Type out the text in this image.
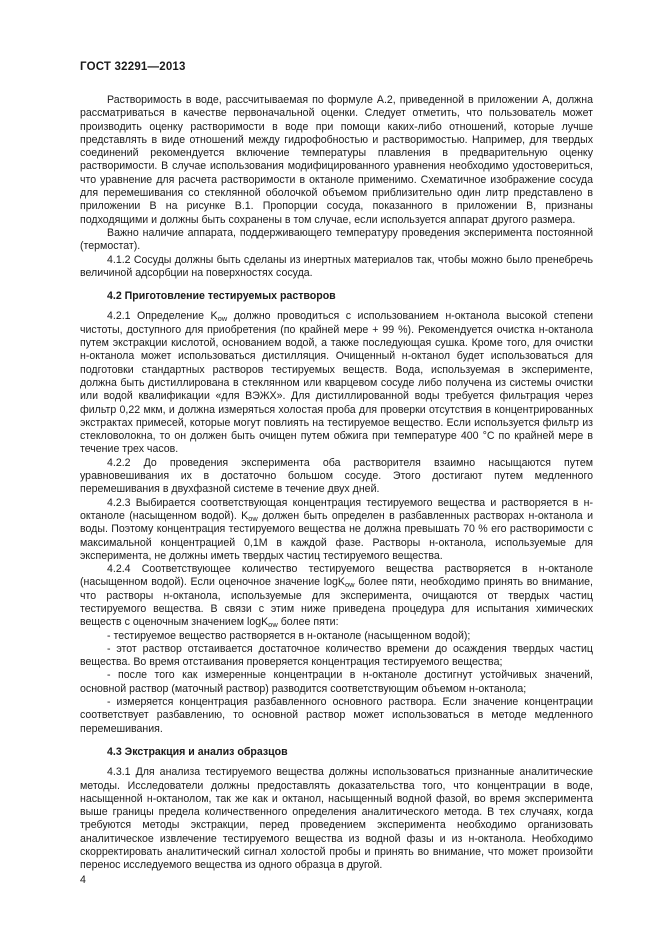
ГОСТ 32291—2013

Растворимость в воде, рассчитываемая по формуле А.2, приведенной в приложении А, должна рассматриваться в качестве первоначальной оценки. Следует отметить, что пользователь может производить оценку растворимости в воде при помощи каких-либо отношений, которые лучше представлять в виде отношений между гидрофобностью и растворимостью. Например, для твердых соединений рекомендуется включение температуры плавления в предварительную оценку растворимости. В случае использования модифицированного уравнения необходимо удостовериться, что уравнение для расчета растворимости в октаноле применимо. Схематичное изображение сосуда для перемешивания со стеклянной оболочкой объемом приблизительно один литр представлено в приложении В на рисунке В.1. Пропорции сосуда, показанного в приложении В, признаны подходящими и должны быть сохранены в том случае, если используется аппарат другого размера.

Важно наличие аппарата, поддерживающего температуру проведения эксперимента постоянной (термостат).

4.1.2 Сосуды должны быть сделаны из инертных материалов так, чтобы можно было пренебречь величиной адсорбции на поверхностях сосуда.

4.2 Приготовление тестируемых растворов

4.2.1 Определение $K_{ow}$ должно проводиться с использованием н-октанола высокой степени чистоты, доступного для приобретения (по крайней мере + 99 %). Рекомендуется очистка н-октанола путем экстракции кислотой, основанием водой, а также последующая сушка. Кроме того, для очистки н-октанола может использоваться дистилляция. Очищенный н-октанол будет использоваться для подготовки стандартных растворов тестируемых веществ. Вода, используемая в эксперименте, должна быть дистиллирована в стеклянном или кварцевом сосуде либо получена из системы очистки или водой квалификации «для ВЭЖХ». Для дистиллированной воды требуется фильтрация через фильтр 0,22 мкм, и должна измеряться холостая проба для проверки отсутствия в концентрированных экстрактах примесей, которые могут повлиять на тестируемое вещество. Если используется фильтр из стекловолокна, то он должен быть очищен путем обжига при температуре 400 °С по крайней мере в течение трех часов.

4.2.2 До проведения эксперимента оба растворителя взаимно насыщаются путем уравновешивания их в достаточно большом сосуде. Этого достигают путем медленного перемешивания в двухфазной системе в течение двух дней.

4.2.3 Выбирается соответствующая концентрация тестируемого вещества и растворяется в н-октаноле (насыщенном водой). $K_{ow}$ должен быть определен в разбавленных растворах н-октанола и воды. Поэтому концентрация тестируемого вещества не должна превышать 70 % его растворимости с максимальной концентрацией 0,1М в каждой фазе. Растворы н-октанола, используемые для эксперимента, не должны иметь твердых частиц тестируемого вещества.

4.2.4 Соответствующее количество тестируемого вещества растворяется в н-октаноле (насыщенном водой). Если оценочное значение logK$_{ow}$ более пяти, необходимо принять во внимание, что растворы н-октанола, используемые для эксперимента, очищаются от твердых частиц тестируемого вещества. В связи с этим ниже приведена процедура для испытания химических веществ с оценочным значением logK$_{ow}$ более пяти:

- тестируемое вещество растворяется в н-октаноле (насыщенном водой);

- этот раствор отстаивается достаточное количество времени до осаждения твердых частиц вещества. Во время отстаивания проверяется концентрация тестируемого вещества;

- после того как измеренные концентрации в н-октаноле достигнут устойчивых значений, основной раствор (маточный раствор) разводится соответствующим объемом н-октанола;

- измеряется концентрация разбавленного основного раствора. Если значение концентрации соответствует разбавлению, то основной раствор может использоваться в методе медленного перемешивания.

4.3 Экстракция и анализ образцов

4.3.1 Для анализа тестируемого вещества должны использоваться признанные аналитические методы. Исследователи должны предоставлять доказательства того, что концентрации в воде, насыщенной н-октанолом, так же как и октанол, насыщенный водной фазой, во время эксперимента выше границы предела количественного определения аналитического метода. В тех случаях, когда требуются методы экстракции, перед проведением эксперимента необходимо организовать аналитическое извлечение тестируемого вещества из водной фазы и из н-октанола. Необходимо скорректировать аналитический сигнал холостой пробы и принять во внимание, что может произойти перенос исследуемого вещества из одного образца в другой.

4
